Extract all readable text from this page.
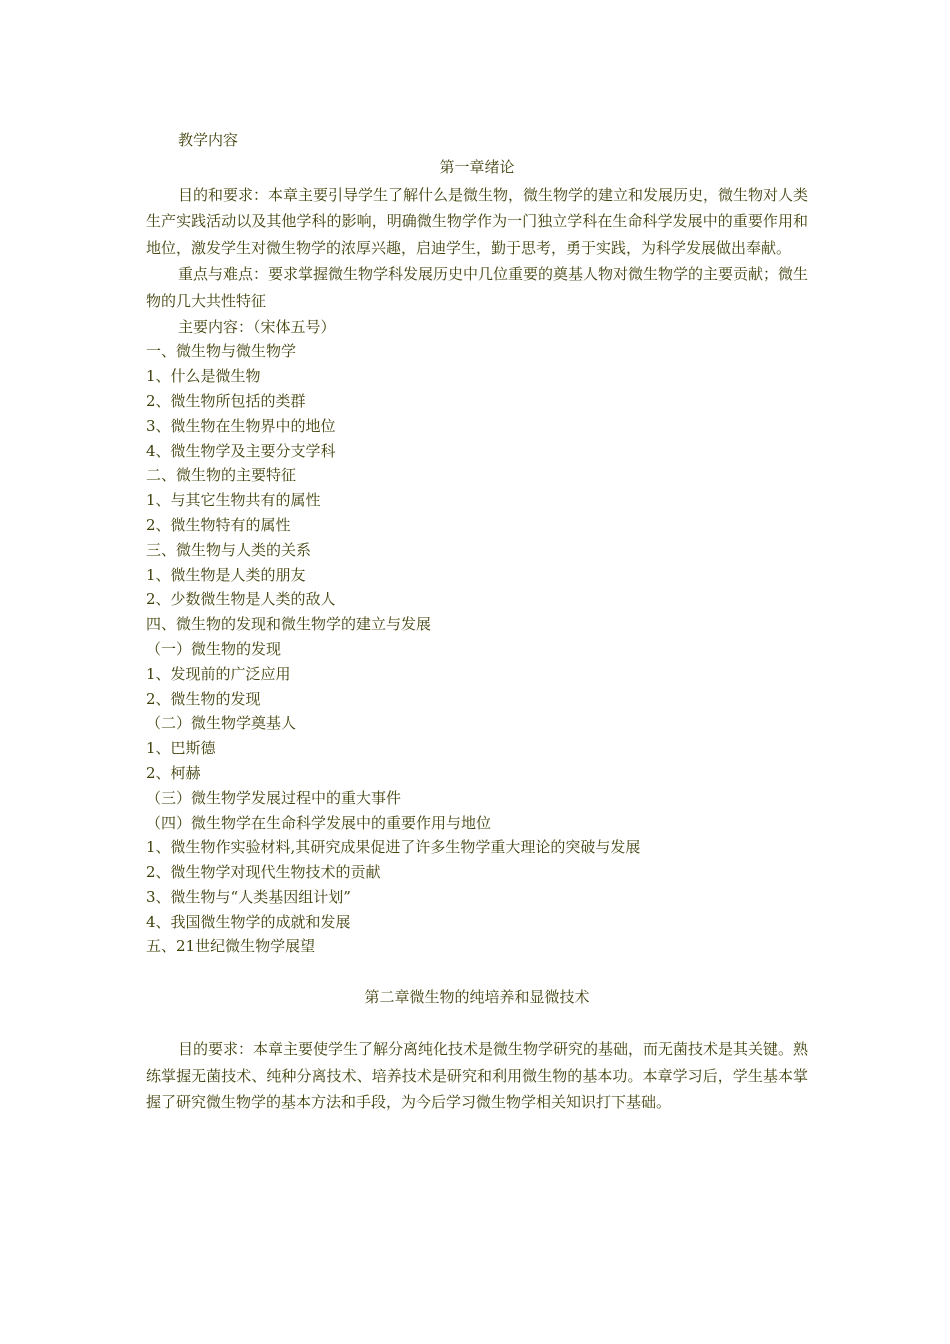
教学内容

第一章绪论

目的和要求：本章主要引导学生了解什么是微生物，微生物学的建立和发展历史，微生物对人类生产实践活动以及其他学科的影响，明确微生物学作为一门独立学科在生命科学发展中的重要作用和地位，激发学生对微生物学的浓厚兴趣，启迪学生，勤于思考，勇于实践，为科学发展做出奉献。

重点与难点：要求掌握微生物学科发展历史中几位重要的奠基人物对微生物学的主要贡献；微生物的几大共性特征

主要内容：（宋体五号）

一、微生物与微生物学

1、什么是微生物

2、微生物所包括的类群

3、微生物在生物界中的地位

4、微生物学及主要分支学科

二、微生物的主要特征

1、与其它生物共有的属性

2、微生物特有的属性

三、微生物与人类的关系

1、微生物是人类的朋友

2、少数微生物是人类的敌人

四、微生物的发现和微生物学的建立与发展

（一）微生物的发现

1、发现前的广泛应用

2、微生物的发现

（二）微生物学奠基人

1、巴斯德

2、柯赫

（三）微生物学发展过程中的重大事件

（四）微生物学在生命科学发展中的重要作用与地位

1、微生物作实验材料,其研究成果促进了许多生物学重大理论的突破与发展

2、微生物学对现代生物技术的贡献

3、微生物与“人类基因组计划”

4、我国微生物学的成就和发展

五、21世纪微生物学展望

第二章微生物的纯培养和显微技术

目的要求：本章主要使学生了解分离纯化技术是微生物学研究的基础，而无菌技术是其关键。熟练掌握无菌技术、纯种分离技术、培养技术是研究和利用微生物的基本功。本章学习后，学生基本掌握了研究微生物学的基本方法和手段，为今后学习微生物学相关知识打下基础。
